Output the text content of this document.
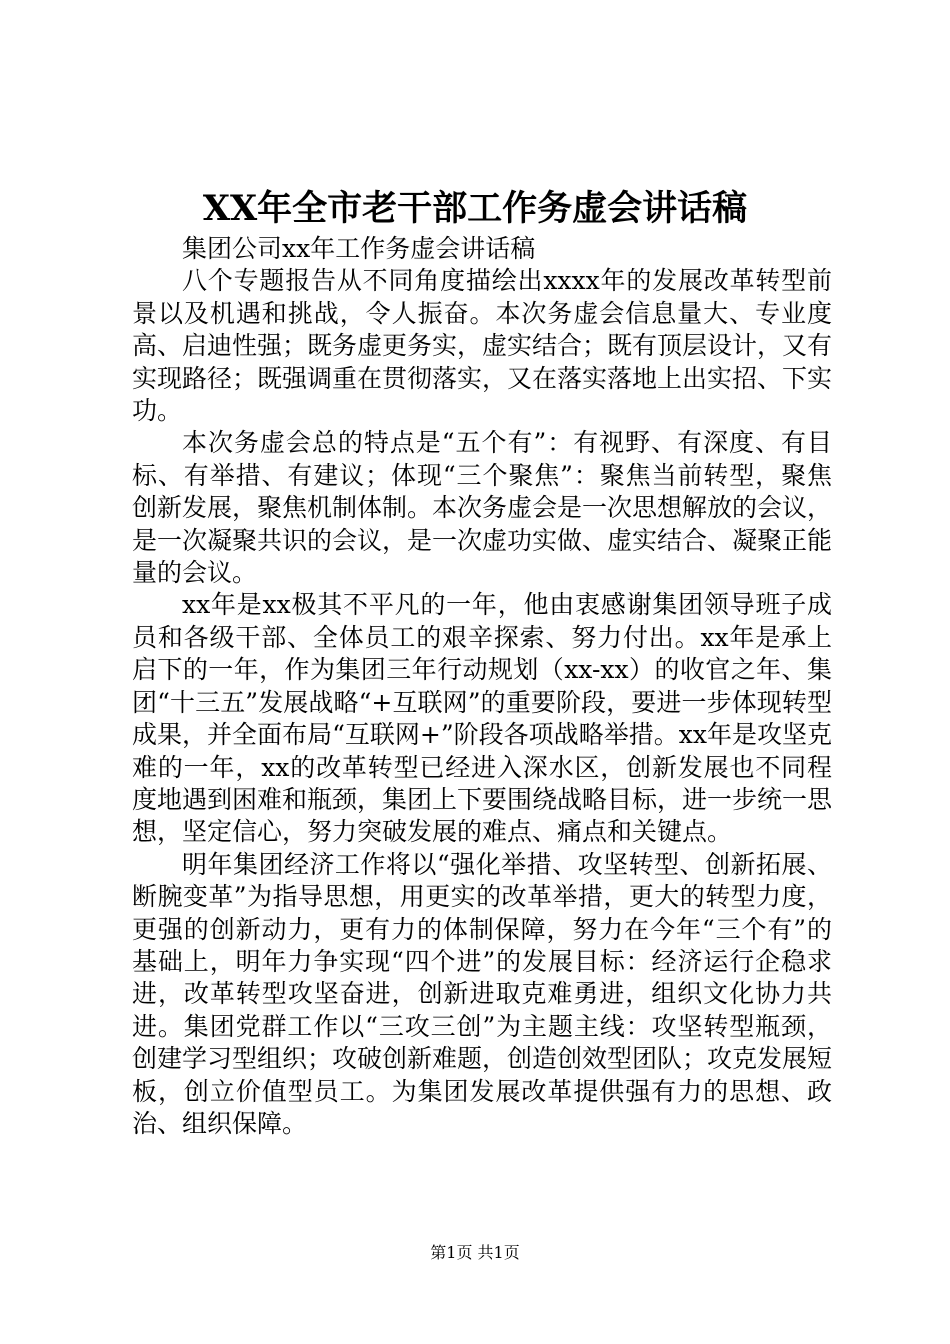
XX年全市老干部工作务虚会讲话稿

集团公司xx年工作务虚会讲话稿

八个专题报告从不同角度描绘出xxxx年的发展改革转型前景以及机遇和挑战，令人振奋。本次务虚会信息量大、专业度高、启迪性强；既务虚更务实，虚实结合；既有顶层设计，又有实现路径；既强调重在贯彻落实，又在落实落地上出实招、下实功。

本次务虚会总的特点是“五个有”：有视野、有深度、有目标、有举措、有建议；体现“三个聚焦”：聚焦当前转型，聚焦创新发展，聚焦机制体制。本次务虚会是一次思想解放的会议，是一次凝聚共识的会议，是一次虚功实做、虚实结合、凝聚正能量的会议。

xx年是xx极其不平凡的一年，他由衷感谢集团领导班子成员和各级干部、全体员工的艰辛探索、努力付出。xx年是承上启下的一年，作为集团三年行动规划（xx-xx）的收官之年、集团“十三五”发展战略“+互联网”的重要阶段，要进一步体现转型成果，并全面布局“互联网+”阶段各项战略举措。xx年是攻坚克难的一年，xx的改革转型已经进入深水区，创新发展也不同程度地遇到困难和瓶颈，集团上下要围绕战略目标，进一步统一思想，坚定信心，努力突破发展的难点、痛点和关键点。

明年集团经济工作将以“强化举措、攻坚转型、创新拓展、断腕变革”为指导思想，用更实的改革举措，更大的转型力度，更强的创新动力，更有力的体制保障，努力在今年“三个有”的基础上，明年力争实现“四个进”的发展目标：经济运行企稳求进，改革转型攻坚奋进，创新进取克难勇进，组织文化协力共进。集团党群工作以“三攻三创”为主题主线：攻坚转型瓶颈，创建学习型组织；攻破创新难题，创造创效型团队；攻克发展短板，创立价值型员工。为集团发展改革提供强有力的思想、政治、组织保障。

第1页 共1页
